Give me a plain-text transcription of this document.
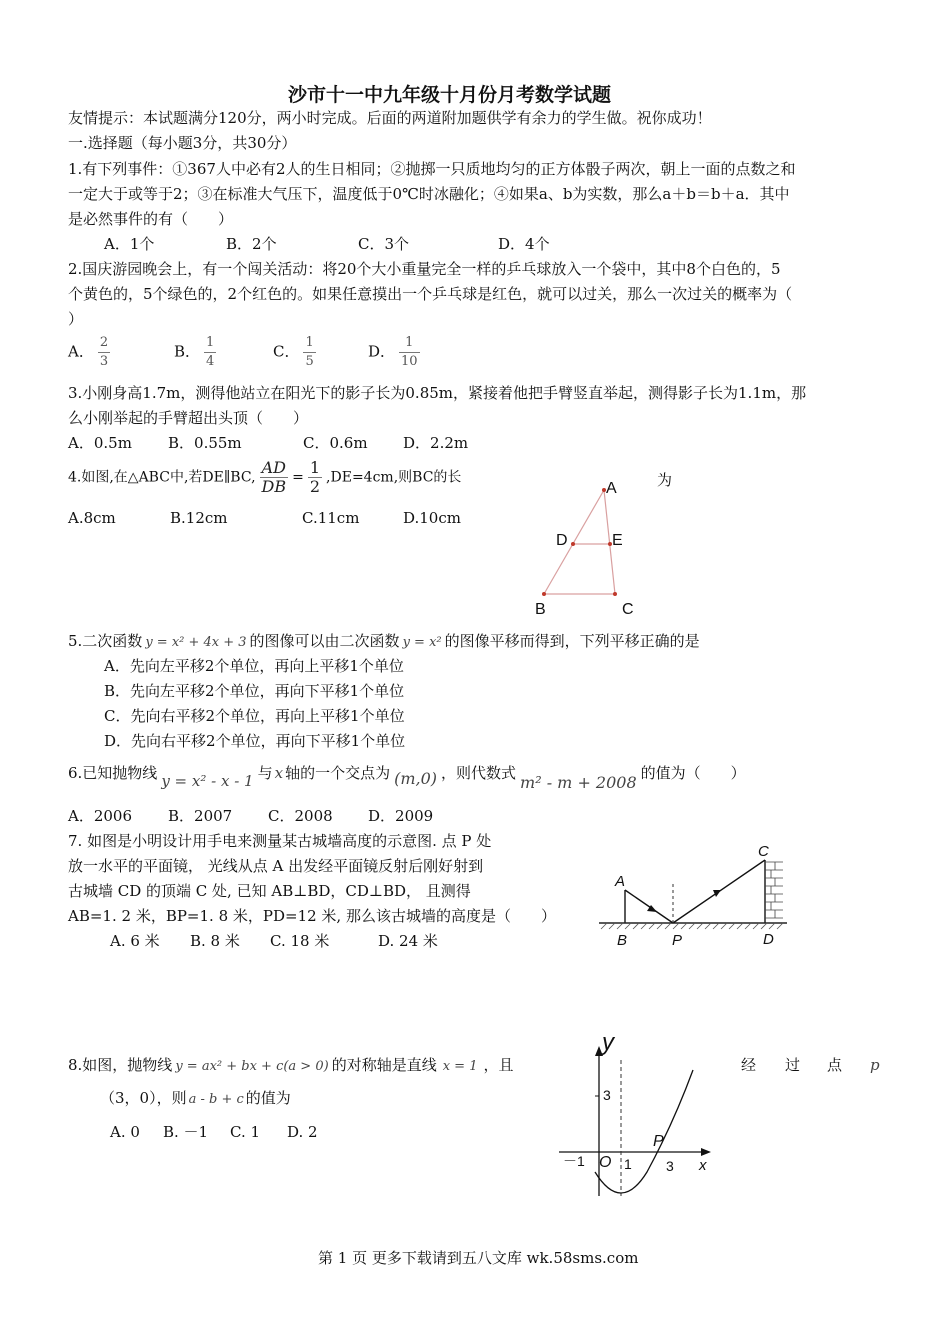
沙市十一中九年级十月份月考数学试题
友情提示：本试题满分120分，两小时完成。后面的两道附加题供学有余力的学生做。祝你成功！
一.选择题（每小题3分，共30分）
1.有下列事件：①367人中必有2人的生日相同；②抛掷一只质地均匀的正方体骰子两次，朝上一面的点数之和
一定大于或等于2；③在标准大气压下，温度低于0℃时冰融化；④如果a、b为实数，那么a＋b＝b＋a．其中
是必然事件的有（　　）
A．1个	B．2个	C．3个	D．4个
2.国庆游园晚会上，有一个闯关活动：将20个大小重量完全一样的乒乓球放入一个袋中，其中8个白色的，5
个黄色的，5个绿色的，2个红色的。如果任意摸出一个乒乓球是红色，就可以过关，那么一次过关的概率为（
）
A． $\frac{2}{3}$	B． $\frac{1}{4}$	C． $\frac{1}{5}$	D． $\frac{1}{10}$
3.小刚身高1.7m，测得他站立在阳光下的影子长为0.85m，紧接着他把手臂竖直举起，测得影子长为1.1m，那
么小刚举起的手臂超出头顶（　　）
A．0.5m B．0.55m	C．0.6m D．2.2m
4.如图,在△ABC中,若DE∥BC, $\frac{AD}{DB} = \frac{1}{2} ,DE=4cm$,则BC的长	为
A.8cm	B.12cm	C.11cm	D.10cm
A
B	C
D	E
5.二次函数 y = x² + 4x + 3 的图像可以由二次函数 y = x² 的图像平移而得到，下列平移正确的是
A．先向左平移2个单位，再向上平移1个单位
B．先向左平移2个单位，再向下平移1个单位
C．先向右平移2个单位，再向上平移1个单位
D．先向右平移2个单位，再向下平移1个单位
6.已知抛物线 y = x² - x - 1 与 x 轴的一个交点为 (m,0) ，则代数式 m² - m + 2008 的值为（　　）
A．2006 B．2007 C．2008 D．2009
7. 如图是小明设计用手电来测量某古城墙高度的示意图. 点 P 处
放一水平的平面镜， 光线从点 A 出发经平面镜反射后刚好射到
古城墙 CD 的顶端 C 处, 已知 AB⊥BD，CD⊥BD， 且测得
AB=1. 2 米，BP=1. 8 米，PD=12 米, 那么该古城墙的高度是（　　）
A. 6 米 B. 8 米 C. 18 米	D. 24 米
A
B	P
C
D
8.如图，抛物线 y = ax² + bx + c(a > 0) 的对称轴是直线 x = 1 ，且	经 过 点 p
（3，0），则 a - b + c 的值为
A. 0 B. －1 C. 1 D. 2
y
x
3
－1 O 1 3
P
第 1 页 更多下载请到五八文库 wk.58sms.com
